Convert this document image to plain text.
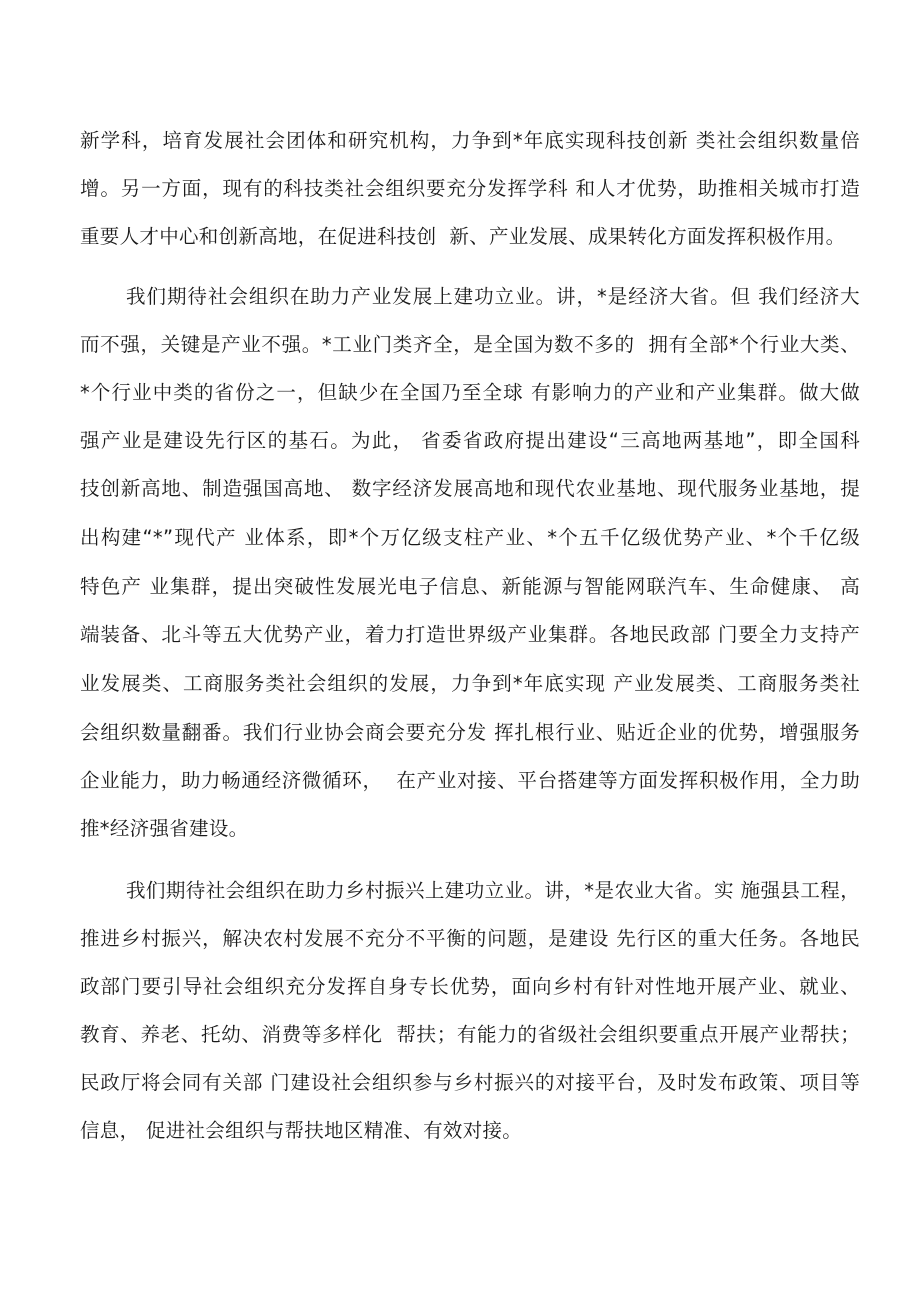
新学科，培育发展社会团体和研究机构，力争到*年底实现科技创新 类社会组织数量倍
增。另一方面，现有的科技类社会组织要充分发挥学科 和人才优势，助推相关城市打造
重要人才中心和创新高地，在促进科技创  新、产业发展、成果转化方面发挥积极作用。
我们期待社会组织在助力产业发展上建功立业。讲，*是经济大省。但 我们经济大
而不强，关键是产业不强。*工业门类齐全，是全国为数不多的  拥有全部*个行业大类、
*个行业中类的省份之一，但缺少在全国乃至全球 有影响力的产业和产业集群。做大做
强产业是建设先行区的基石。为此， 省委省政府提出建设“三高地两基地”，即全国科
技创新高地、制造强国高地、 数字经济发展高地和现代农业基地、现代服务业基地，提
出构建“*”现代产 业体系，即*个万亿级支柱产业、*个五千亿级优势产业、*个千亿级
特色产 业集群，提出突破性发展光电子信息、新能源与智能网联汽车、生命健康、 高
端装备、北斗等五大优势产业，着力打造世界级产业集群。各地民政部 门要全力支持产
业发展类、工商服务类社会组织的发展，力争到*年底实现 产业发展类、工商服务类社
会组织数量翻番。我们行业协会商会要充分发 挥扎根行业、贴近企业的优势，增强服务
企业能力，助力畅通经济微循环，  在产业对接、平台搭建等方面发挥积极作用，全力助
推*经济强省建设。
我们期待社会组织在助力乡村振兴上建功立业。讲，*是农业大省。实 施强县工程，
推进乡村振兴，解决农村发展不充分不平衡的问题，是建设 先行区的重大任务。各地民
政部门要引导社会组织充分发挥自身专长优势，面向乡村有针对性地开展产业、就业、
教育、养老、托幼、消费等多样化  帮扶；有能力的省级社会组织要重点开展产业帮扶；
民政厅将会同有关部 门建设社会组织参与乡村振兴的对接平台，及时发布政策、项目等
信息， 促进社会组织与帮扶地区精准、有效对接。
